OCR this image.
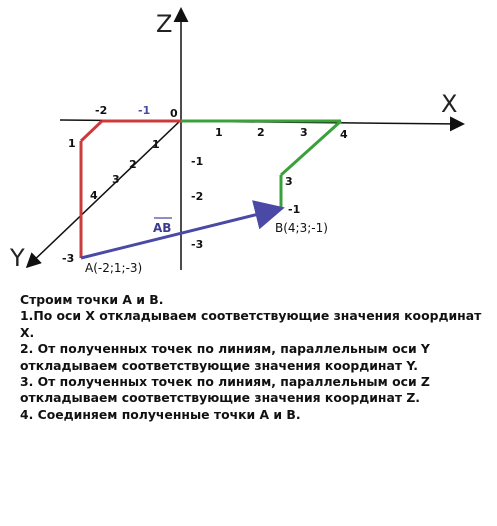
X
Z
Y
0
1	2	3	4
-2	-1
-1
-2
-3
1
2
3
4
1
-3
3
-1
A(-2;1;-3)
B(4;3;-1)
AB

Строим точки А и В.

1.По оси Х откладываем соответствующие значения координат Х.

2. От полученных точек по линиям, параллельным оси Y откладываем соответствующие значения координат Y.

3. От полученных точек по линиям, параллельным оси Z откладываем соответствующие значения координат Z.

4. Соединяем полученные точки А и В.
